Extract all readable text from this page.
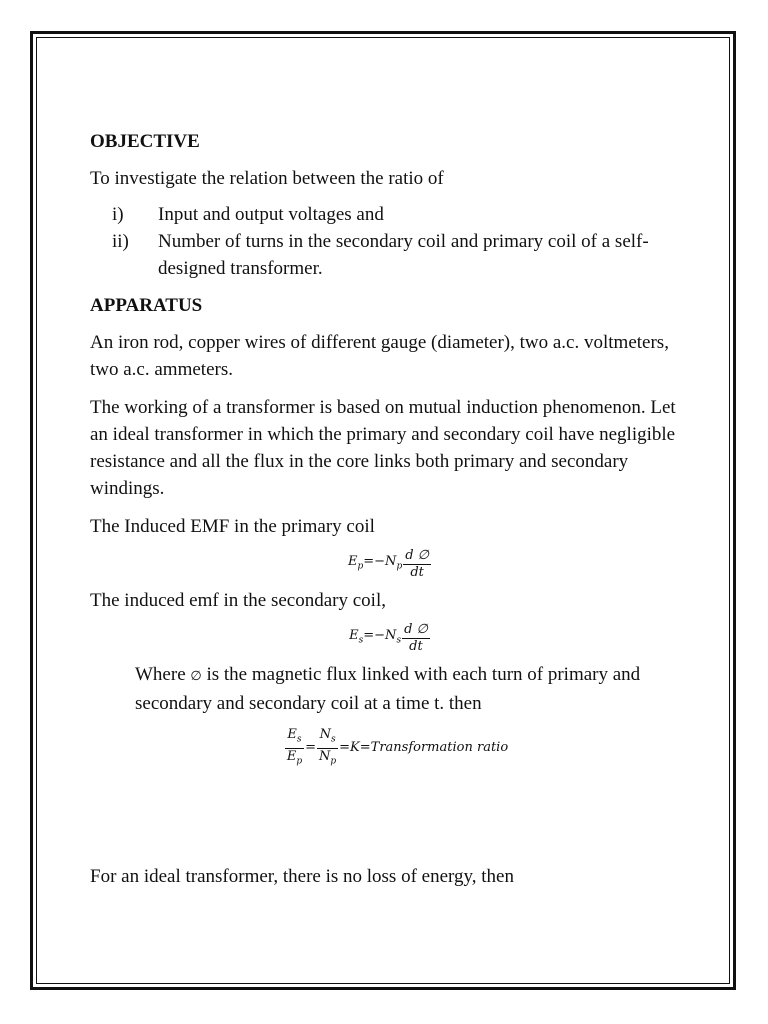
OBJECTIVE

To investigate the relation between the ratio of

i) Input and output voltages and
ii) Number of turns in the secondary coil and primary coil of a self-designed transformer.
APPARATUS

An iron rod, copper wires of different gauge (diameter), two a.c. voltmeters, two a.c. ammeters.

The working of a transformer is based on mutual induction phenomenon. Let an ideal transformer in which the primary and secondary coil have negligible resistance and all the flux in the core links both primary and secondary windings.

The Induced EMF in the primary coil

$E_p=-N_p \frac{d \emptyset}{dt}$

The induced emf in the secondary coil,

$E_s=-N_s \frac{d \emptyset}{dt}$

Where ∅ is the magnetic flux linked with each turn of primary and secondary and secondary coil at a time t. then

$\frac{E_s}{E_p} = \frac{N_s}{N_p}$ =K=Transformation ratio

For an ideal transformer, there is no loss of energy, then
